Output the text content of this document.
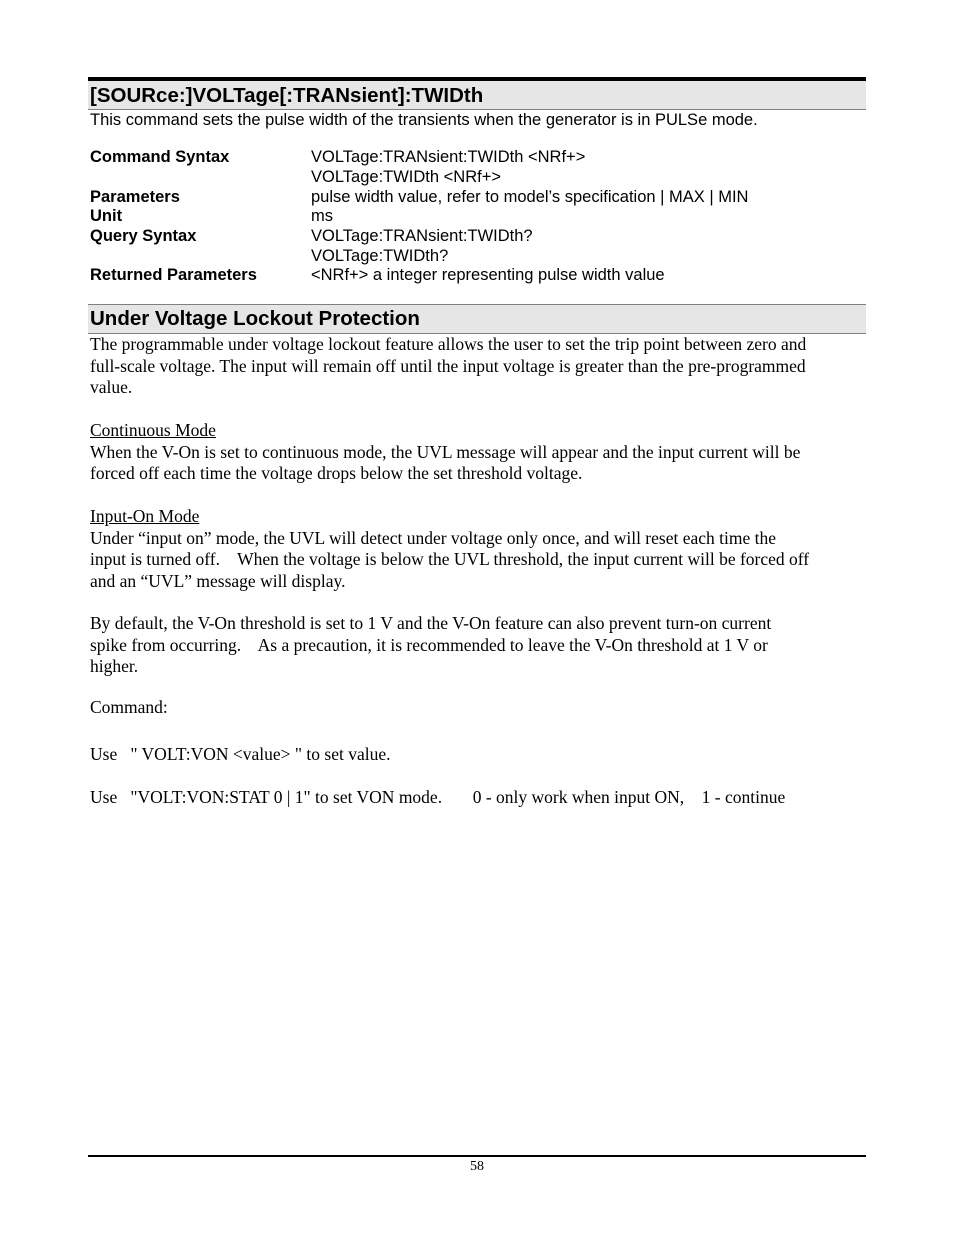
[SOURce:]VOLTage[:TRANsient]:TWIDth
This command sets the pulse width of the transients when the generator is in PULSe mode.
Command Syntax	VOLTage:TRANsient:TWIDth <NRf+>
VOLTage:TWIDth <NRf+>
Parameters	pulse width value, refer to model’s specification | MAX | MIN
Unit	ms
Query Syntax	VOLTage:TRANsient:TWIDth?
VOLTage:TWIDth?
Returned Parameters	<NRf+> a integer representing pulse width value
Under Voltage Lockout Protection
The programmable under voltage lockout feature allows the user to set the trip point between zero and
full-scale voltage. The input will remain off until the input voltage is greater than the pre-programmed
value.
Continuous Mode
When the V-On is set to continuous mode, the UVL message will appear and the input current will be
forced off each time the voltage drops below the set threshold voltage.
Input-On Mode
Under “input on” mode, the UVL will detect under voltage only once, and will reset each time the
input is turned off.    When the voltage is below the UVL threshold, the input current will be forced off
and an “UVL” message will display.
By default, the V-On threshold is set to 1 V and the V-On feature can also prevent turn-on current
spike from occurring.    As a precaution, it is recommended to leave the V-On threshold at 1 V or
higher.
Command:
Use   " VOLT:VON <value> " to set value.
Use   "VOLT:VON:STAT 0 | 1" to set VON mode.       0 - only work when input ON,    1 - continue
58
